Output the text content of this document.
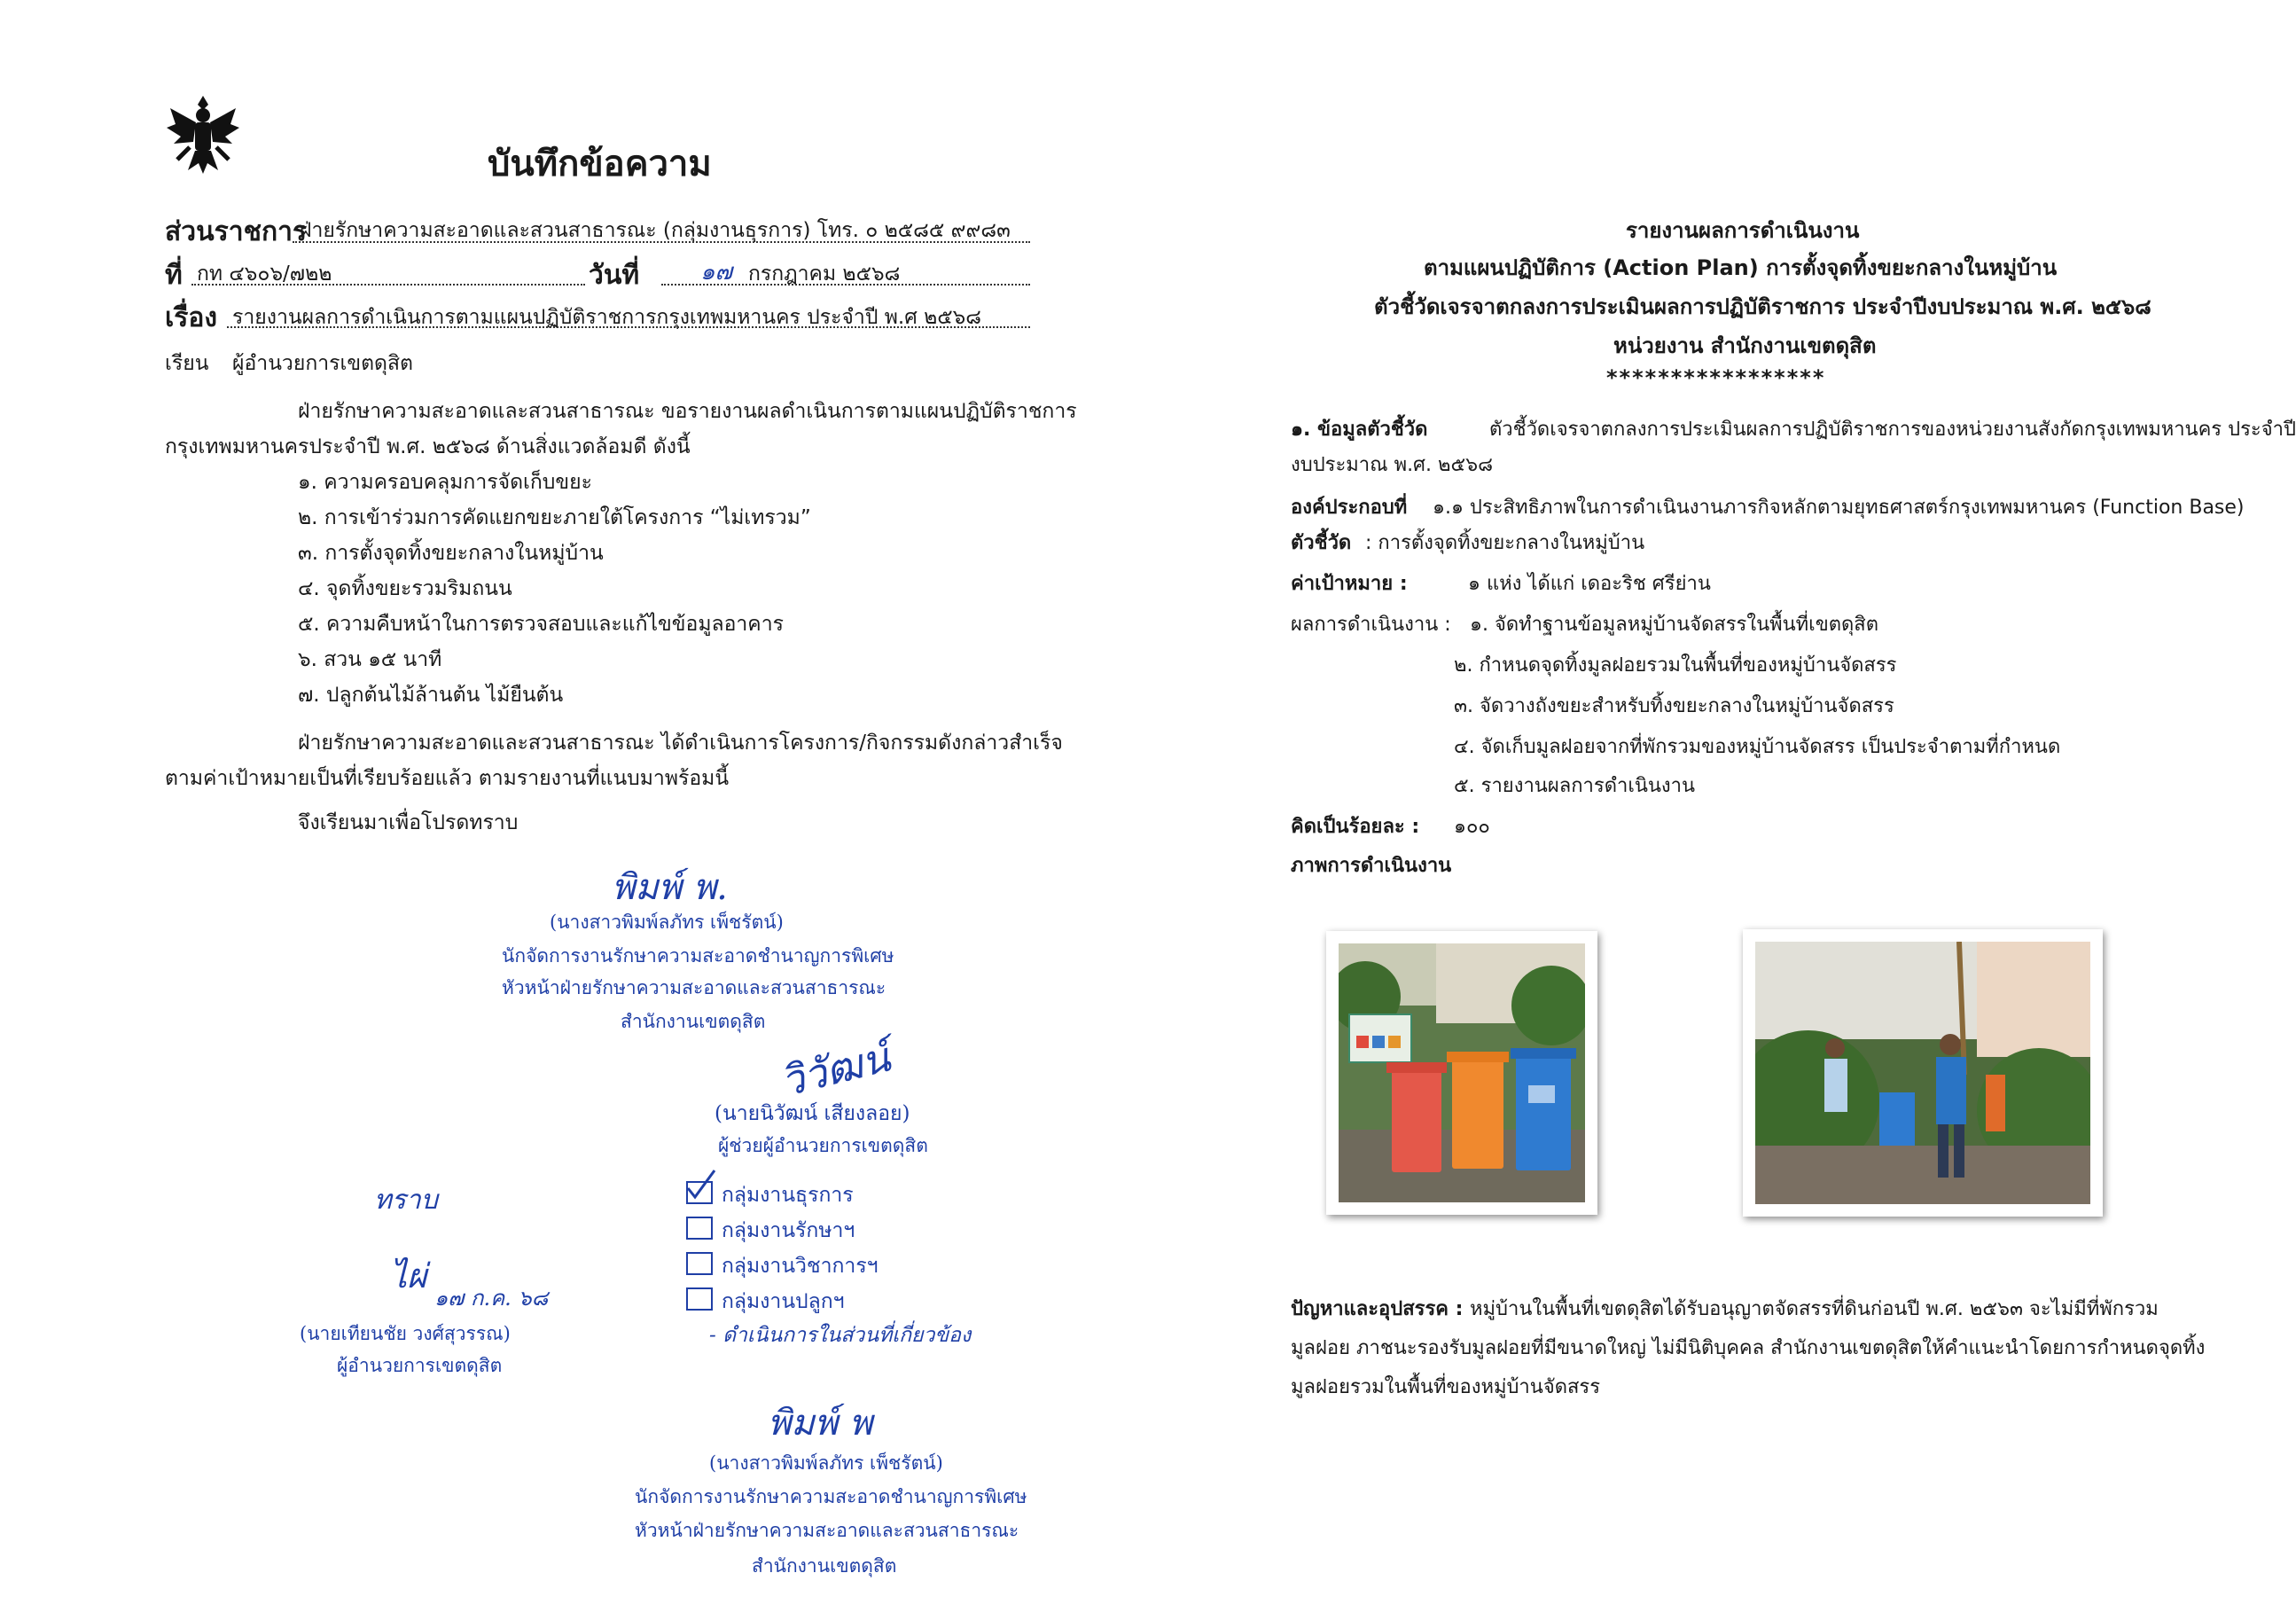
บันทึกข้อความ
ส่วนราชการ
ฝ่ายรักษาความสะอาดและสวนสาธารณะ (กลุ่มงานธุรการ) โทร. ๐ ๒๕๘๕ ๙๙๘๓
ที่ กท ๔๖๐๖/๗๒๒	วันที่	๑๗ กรกฎาคม ๒๕๖๘
เรื่อง รายงานผลการดำเนินการตามแผนปฏิบัติราชการกรุงเทพมหานคร ประจำปี พ.ศ ๒๕๖๘
เรียน ผู้อำนวยการเขตดุสิต
ฝ่ายรักษาความสะอาดและสวนสาธารณะ ขอรายงานผลดำเนินการตามแผนปฏิบัติราชการ
กรุงเทพมหานครประจำปี พ.ศ. ๒๕๖๘ ด้านสิ่งแวดล้อมดี ดังนี้
๑. ความครอบคลุมการจัดเก็บขยะ
๒. การเข้าร่วมการคัดแยกขยะภายใต้โครงการ “ไม่เทรวม”
๓. การตั้งจุดทิ้งขยะกลางในหมู่บ้าน
๔. จุดทิ้งขยะรวมริมถนน
๕. ความคืบหน้าในการตรวจสอบและแก้ไขข้อมูลอาคาร
๖. สวน ๑๕ นาที
๗. ปลูกต้นไม้ล้านต้น ไม้ยืนต้น
ฝ่ายรักษาความสะอาดและสวนสาธารณะ ได้ดำเนินการโครงการ/กิจกรรมดังกล่าวสำเร็จ
ตามค่าเป้าหมายเป็นที่เรียบร้อยแล้ว ตามรายงานที่แนบมาพร้อมนี้
จึงเรียนมาเพื่อโปรดทราบ
พิมพ์ พ.
(นางสาวพิมพ์ลภัทร เพ็ชรัตน์)
นักจัดการงานรักษาความสะอาดชำนาญการพิเศษ
หัวหน้าฝ่ายรักษาความสะอาดและสวนสาธารณะ
สำนักงานเขตดุสิต
วิวัฒน์
(นายนิวัฒน์ เสียงลอย)
ผู้ช่วยผู้อำนวยการเขตดุสิต
ทราบ
ไผ่
๑๗ ก.ค. ๖๘
(นายเทียนชัย วงศ์สุวรรณ)
ผู้อำนวยการเขตดุสิต
กลุ่มงานธุรการ
กลุ่มงานรักษาฯ
กลุ่มงานวิชาการฯ
กลุ่มงานปลูกฯ
- ดำเนินการในส่วนที่เกี่ยวข้อง
พิมพ์ พ
(นางสาวพิมพ์ลภัทร เพ็ชรัตน์)
นักจัดการงานรักษาความสะอาดชำนาญการพิเศษ
หัวหน้าฝ่ายรักษาความสะอาดและสวนสาธารณะ
สำนักงานเขตดุสิต
รายงานผลการดำเนินงาน
ตามแผนปฏิบัติการ (Action Plan) การตั้งจุดทิ้งขยะกลางในหมู่บ้าน
ตัวชี้วัดเจรจาตกลงการประเมินผลการปฏิบัติราชการ ประจำปีงบประมาณ พ.ศ. ๒๕๖๘
หน่วยงาน สำนักงานเขตดุสิต
*****************
๑. ข้อมูลตัวชี้วัด	ตัวชี้วัดเจรจาตกลงการประเมินผลการปฏิบัติราชการของหน่วยงานสังกัดกรุงเทพมหานคร ประจำปี
งบประมาณ พ.ศ. ๒๕๖๘
องค์ประกอบที่ ๑.๑ ประสิทธิภาพในการดำเนินงานภารกิจหลักตามยุทธศาสตร์กรุงเทพมหานคร (Function Base)
ตัวชี้วัด : การตั้งจุดทิ้งขยะกลางในหมู่บ้าน
ค่าเป้าหมาย :	๑ แห่ง ได้แก่ เดอะริช ศรีย่าน
ผลการดำเนินงาน : ๑. จัดทำฐานข้อมูลหมู่บ้านจัดสรรในพื้นที่เขตดุสิต
๒. กำหนดจุดทิ้งมูลฝอยรวมในพื้นที่ของหมู่บ้านจัดสรร
๓. จัดวางถังขยะสำหรับทิ้งขยะกลางในหมู่บ้านจัดสรร
๔. จัดเก็บมูลฝอยจากที่พักรวมของหมู่บ้านจัดสรร เป็นประจำตามที่กำหนด
๕. รายงานผลการดำเนินงาน
คิดเป็นร้อยละ : ๑๐๐
ภาพการดำเนินงาน
ปัญหาและอุปสรรค : หมู่บ้านในพื้นที่เขตดุสิตได้รับอนุญาตจัดสรรที่ดินก่อนปี พ.ศ. ๒๕๖๓ จะไม่มีที่พักรวม
มูลฝอย ภาชนะรองรับมูลฝอยที่มีขนาดใหญ่ ไม่มีนิติบุคคล สำนักงานเขตดุสิตให้คำแนะนำโดยการกำหนดจุดทิ้ง
มูลฝอยรวมในพื้นที่ของหมู่บ้านจัดสรร
